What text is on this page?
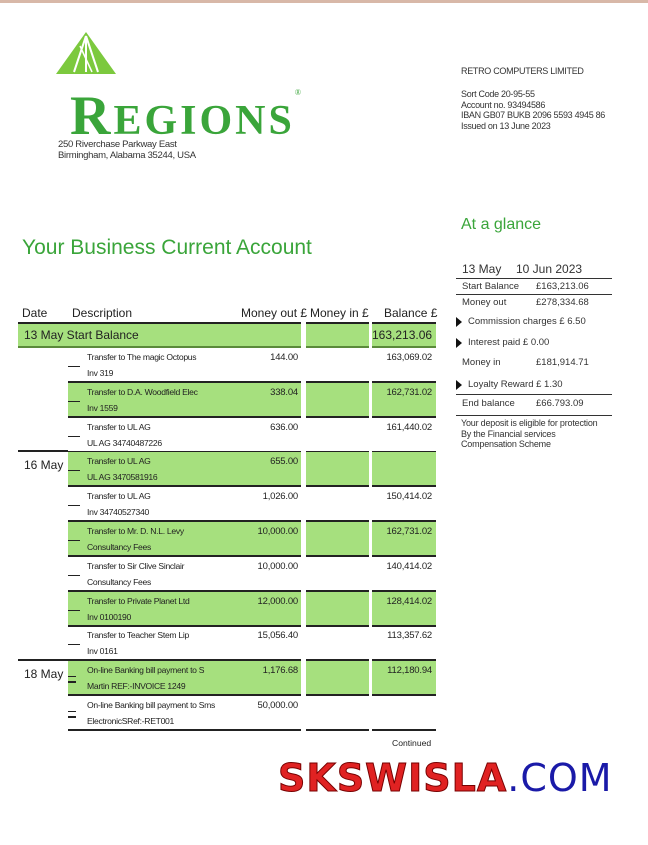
REGIONS®
250 Riverchase Parkway East
Birmingham, Alabama 35244, USA
RETRO COMPUTERS LIMITED
Sort Code 20-95-55
Account no. 93494586
IBAN GB07 BUKB 2096 5593 4945 86
Issued on 13 June 2023
At a glance
13 May	10 Jun 2023
Start Balance	£163,213.06
Money out	£278,334.68
Commission charges £ 6.50
Interest paid £ 0.00
Money in	£181,914.71
Loyalty Reward £ 1.30
End balance	£66.793.09
Your deposit is eligible for protection
By the Financial services
Compensation Scheme
Your Business Current Account
Date Description	Money out £ Money in £ Balance £
13 May Start Balance	163,213.06
Transfer to The magic Octopus
Inv 319
144.00	163,069.02
Transfer to D.A. Woodfield Elec
Inv 1559
338.04	162,731.02
Transfer to UL AG
UL AG 34740487226
636.00	161,440.02
16 May	Transfer to UL AG
UL AG 3470581916
655.00
Transfer to UL AG
Inv 34740527340
1,026.00	150,414.02
Transfer to Mr. D. N.L. Levy
Consultancy Fees
10,000.00	162,731.02
Transfer to Sir Clive Sinclair
Consultancy Fees
10,000.00	140,414.02
Transfer to Private Planet Ltd
Inv 0100190
12,000.00	128,414.02
Transfer to Teacher Stem Lip
Inv 0161
15,056.40	113,357.62
18 May	On-line Banking bill payment to S
Martin REF:-INVOICE 1249
1,176.68	112,180.94
On-line Banking bill payment to Sms
ElectronicSRef:-RET001
50,000.00
Continued
SKSWISLA.COM
